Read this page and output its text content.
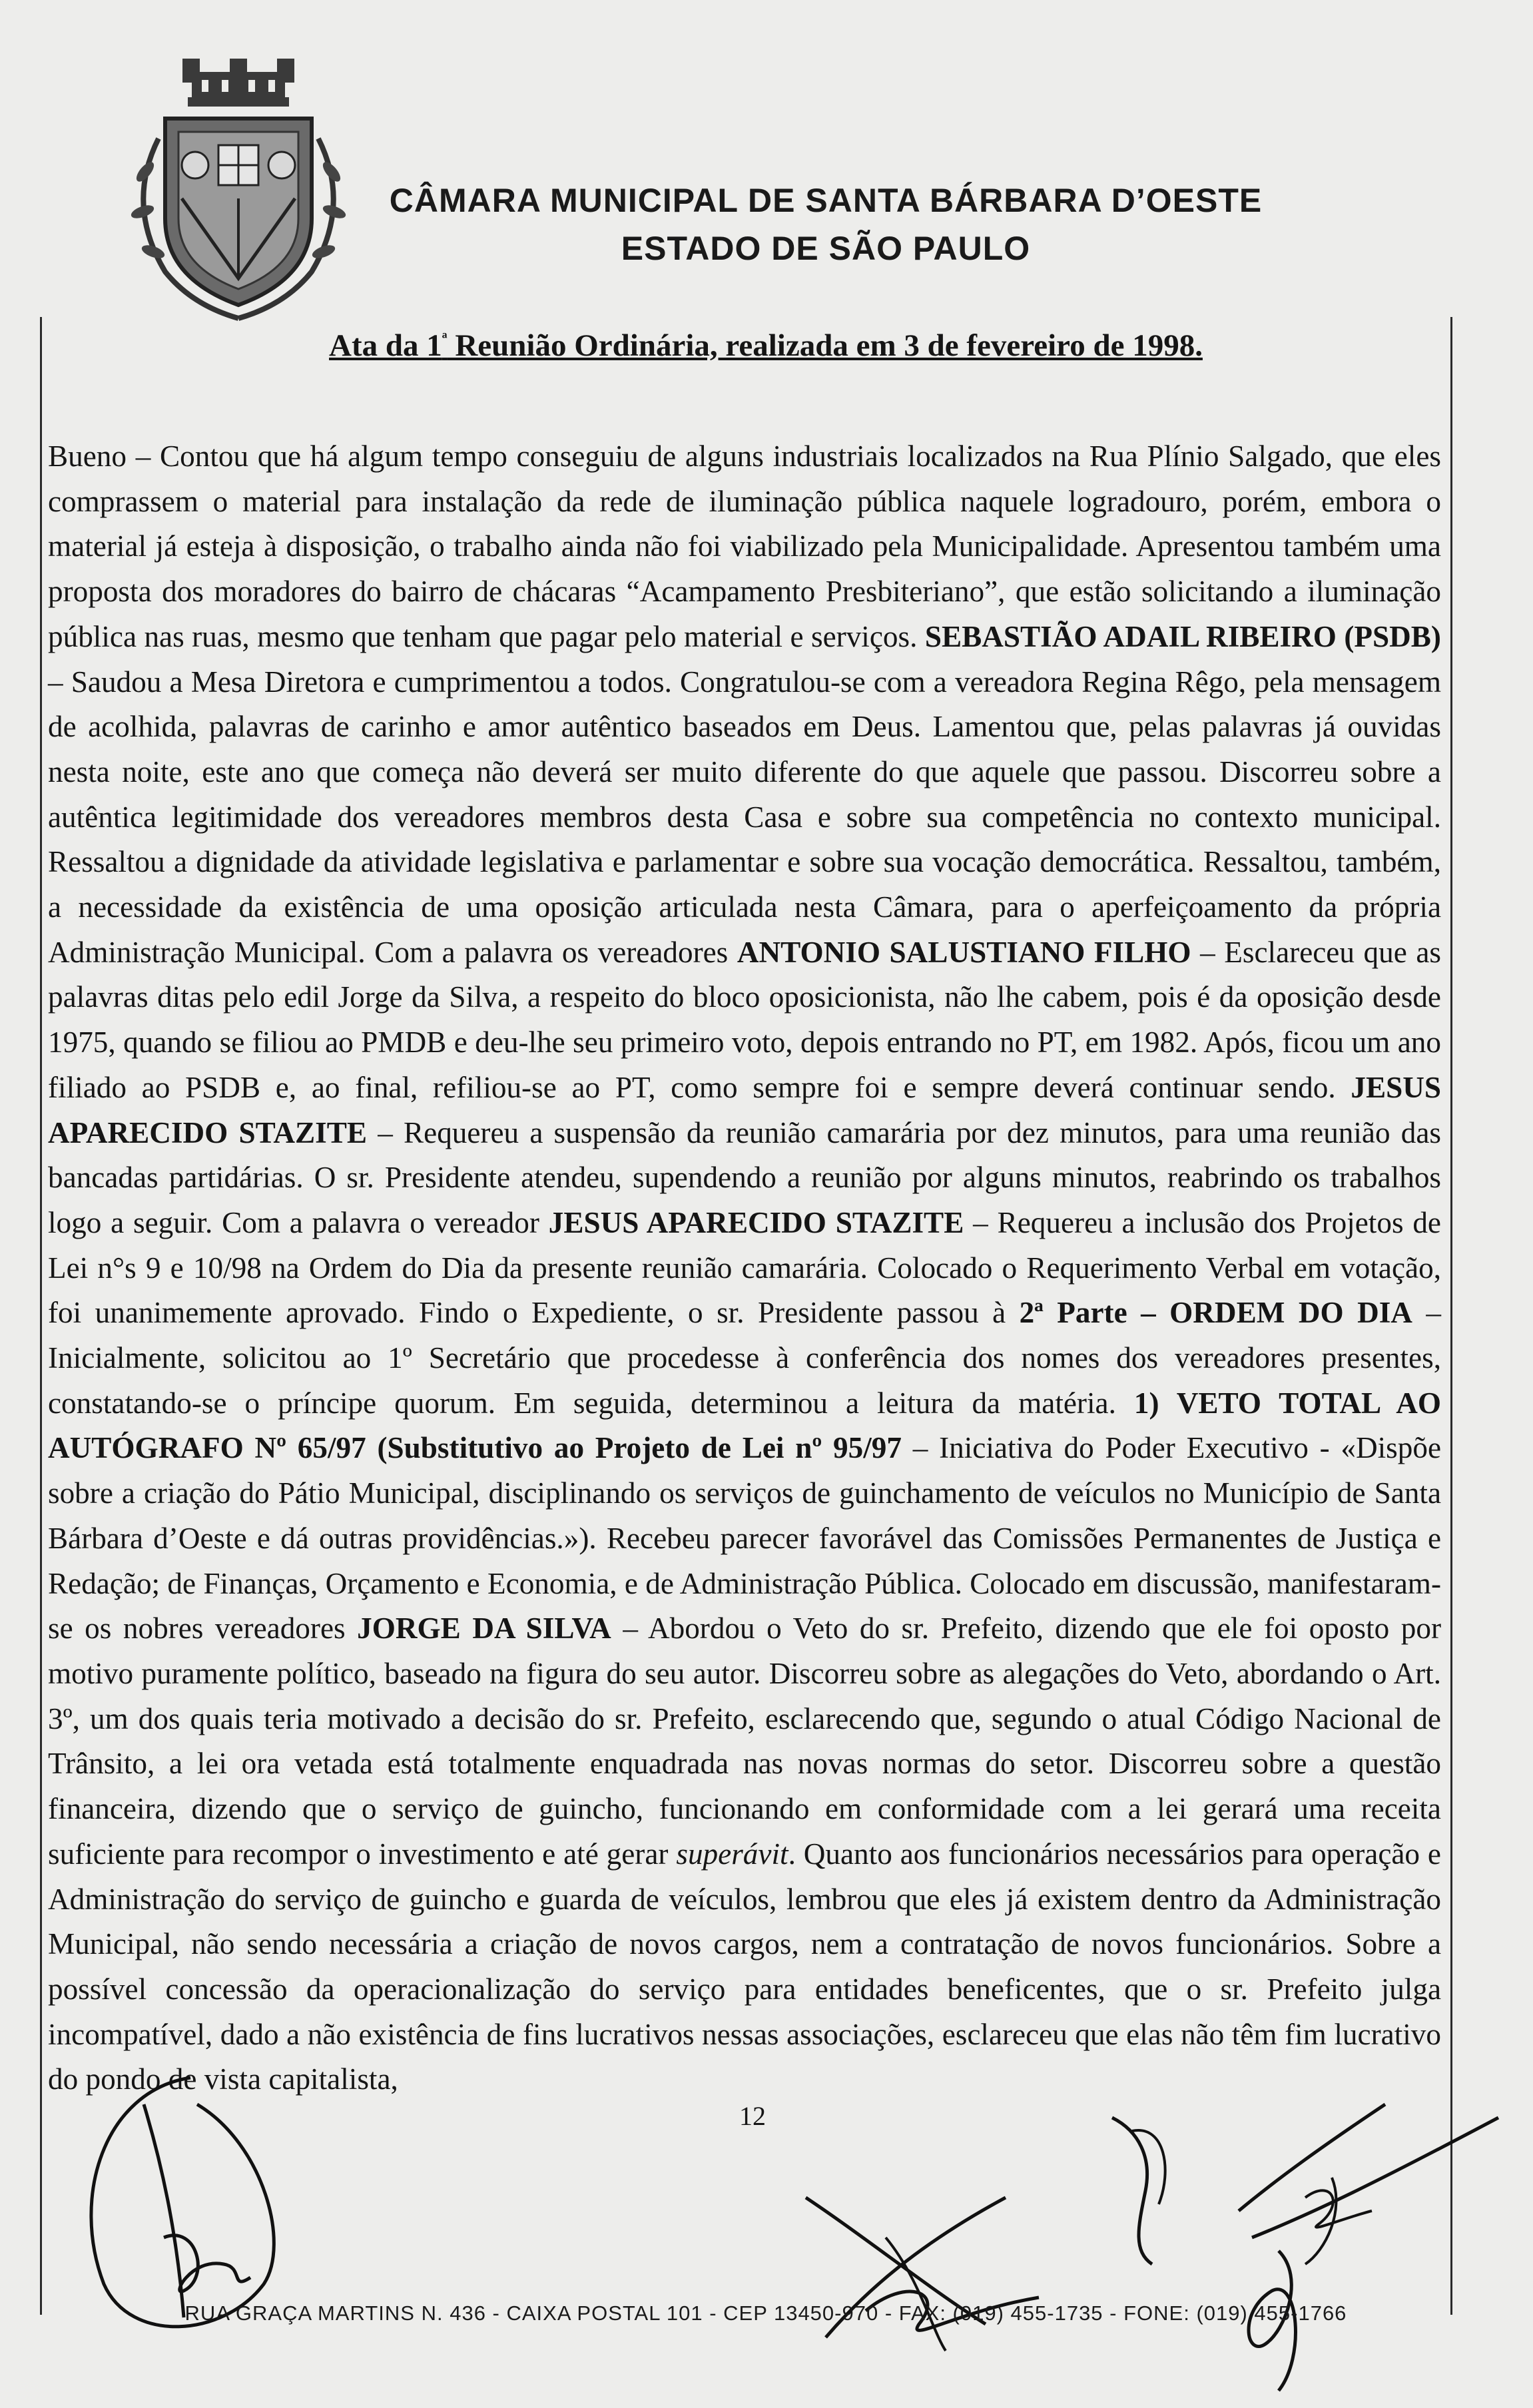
CÂMARA MUNICIPAL DE SANTA BÁRBARA D’OESTE
ESTADO DE SÃO PAULO
Ata da $1^ª$ Reunião Ordinária, realizada em 3 de fevereiro de 1998.
Bueno – Contou que há algum tempo conseguiu de alguns industriais localizados na Rua Plínio Salgado, que eles comprassem o material para instalação da rede de iluminação pública naquele logradouro, porém, embora o material já esteja à disposição, o trabalho ainda não foi viabilizado pela Municipalidade. Apresentou também uma proposta dos moradores do bairro de chácaras “Acampamento Presbiteriano”, que estão solicitando a iluminação pública nas ruas, mesmo que tenham que pagar pelo material e serviços. SEBASTIÃO ADAIL RIBEIRO (PSDB) – Saudou a Mesa Diretora e cumprimentou a todos. Congratulou-se com a vereadora Regina Rêgo, pela mensagem de acolhida, palavras de carinho e amor autêntico baseados em Deus. Lamentou que, pelas palavras já ouvidas nesta noite, este ano que começa não deverá ser muito diferente do que aquele que passou. Discorreu sobre a autêntica legitimidade dos vereadores membros desta Casa e sobre sua competência no contexto municipal. Ressaltou a dignidade da atividade legislativa e parlamentar e sobre sua vocação democrática. Ressaltou, também, a necessidade da existência de uma oposição articulada nesta Câmara, para o aperfeiçoamento da própria Administração Municipal. Com a palavra os vereadores ANTONIO SALUSTIANO FILHO – Esclareceu que as palavras ditas pelo edil Jorge da Silva, a respeito do bloco oposicionista, não lhe cabem, pois é da oposição desde 1975, quando se filiou ao PMDB e deu-lhe seu primeiro voto, depois entrando no PT, em 1982. Após, ficou um ano filiado ao PSDB e, ao final, refiliou-se ao PT, como sempre foi e sempre deverá continuar sendo. JESUS APARECIDO STAZITE – Requereu a suspensão da reunião camarária por dez minutos, para uma reunião das bancadas partidárias. O sr. Presidente atendeu, supendendo a reunião por alguns minutos, reabrindo os trabalhos logo a seguir. Com a palavra o vereador JESUS APARECIDO STAZITE – Requereu a inclusão dos Projetos de Lei n°s 9 e 10/98 na Ordem do Dia da presente reunião camarária. Colocado o Requerimento Verbal em votação, foi unanimemente aprovado. Findo o Expediente, o sr. Presidente passou à 2ª Parte – ORDEM DO DIA – Inicialmente, solicitou ao 1º Secretário que procedesse à conferência dos nomes dos vereadores presentes, constatando-se o príncipe quorum. Em seguida, determinou a leitura da matéria. 1) VETO TOTAL AO AUTÓGRAFO Nº 65/97 (Substitutivo ao Projeto de Lei nº 95/97 – Iniciativa do Poder Executivo - «Dispõe sobre a criação do Pátio Municipal, disciplinando os serviços de guinchamento de veículos no Município de Santa Bárbara d’Oeste e dá outras providências.»). Recebeu parecer favorável das Comissões Permanentes de Justiça e Redação; de Finanças, Orçamento e Economia, e de Administração Pública. Colocado em discussão, manifestaram-se os nobres vereadores JORGE DA SILVA – Abordou o Veto do sr. Prefeito, dizendo que ele foi oposto por motivo puramente político, baseado na figura do seu autor. Discorreu sobre as alegações do Veto, abordando o Art. 3º, um dos quais teria motivado a decisão do sr. Prefeito, esclarecendo que, segundo o atual Código Nacional de Trânsito, a lei ora vetada está totalmente enquadrada nas novas normas do setor. Discorreu sobre a questão financeira, dizendo que o serviço de guincho, funcionando em conformidade com a lei gerará uma receita suficiente para recompor o investimento e até gerar superávit. Quanto aos funcionários necessários para operação e Administração do serviço de guincho e guarda de veículos, lembrou que eles já existem dentro da Administração Municipal, não sendo necessária a criação de novos cargos, nem a contratação de novos funcionários. Sobre a possível concessão da operacionalização do serviço para entidades beneficentes, que o sr. Prefeito julga incompatível, dado a não existência de fins lucrativos nessas associações, esclareceu que elas não têm fim lucrativo do pondo de vista capitalista,
12
RUA GRAÇA MARTINS N. 436 - CAIXA POSTAL 101 - CEP 13450-970 - FAX: (019) 455-1735 - FONE: (019) 455-1766
